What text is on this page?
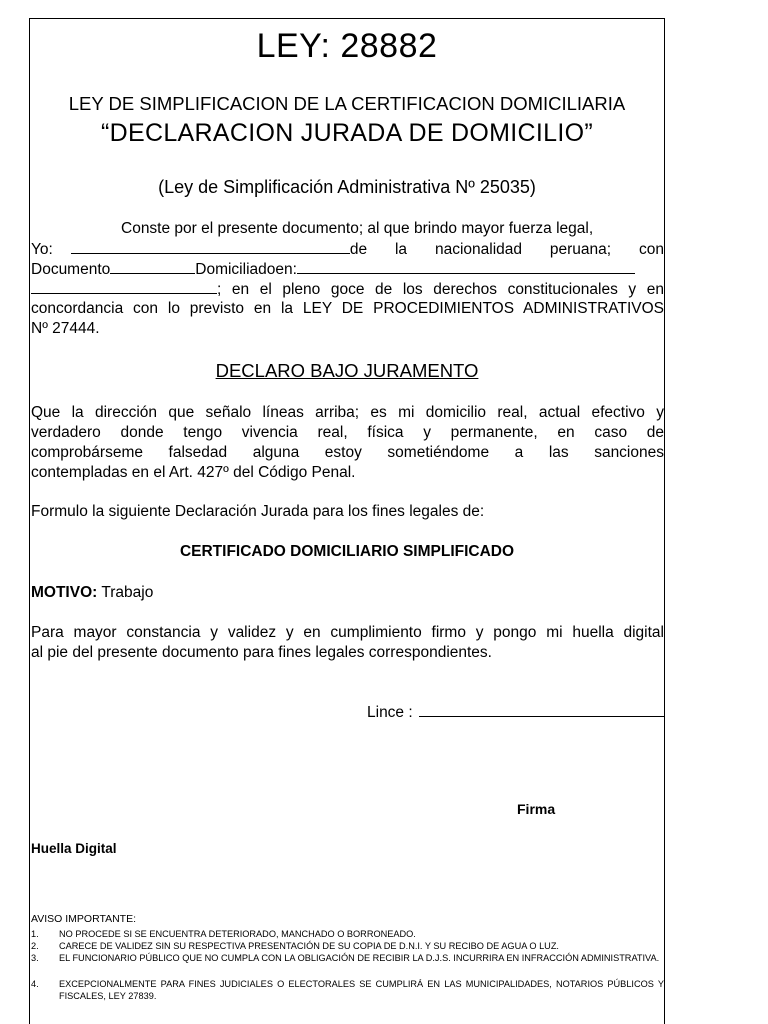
LEY: 28882
LEY DE SIMPLIFICACION DE LA CERTIFICACION DOMICILIARIA
“DECLARACION JURADA DE DOMICILIO”
(Ley de Simplificación Administrativa Nº 25035)
Conste por el presente documento; al que brindo mayor fuerza legal,
Yo:	de la nacionalidad peruana; con
Documento	Domiciliadoen:
; en el pleno goce de los derechos constitucionales y en
concordancia con lo previsto en la LEY DE PROCEDIMIENTOS ADMINISTRATIVOS
Nº 27444.
DECLARO BAJO JURAMENTO
Que la dirección que señalo líneas arriba; es mi domicilio real, actual efectivo y
verdadero donde tengo vivencia real, física y permanente, en caso de
comprobárseme falsedad alguna estoy sometiéndome a las sanciones
contempladas en el Art. 427º del Código Penal.
Formulo la siguiente Declaración Jurada para los fines legales de:
CERTIFICADO DOMICILIARIO SIMPLIFICADO
MOTIVO: Trabajo
Para mayor constancia y validez y en cumplimiento firmo y pongo mi huella digital
al pie del presente documento para fines legales correspondientes.
Lince :
Firma
Huella Digital
AVISO IMPORTANTE:
1.	NO PROCEDE SI SE ENCUENTRA DETERIORADO, MANCHADO O BORRONEADO.
2.	CARECE DE VALIDEZ SIN SU RESPECTIVA PRESENTACIÓN DE SU COPIA DE D.N.I. Y SU RECIBO DE AGUA O LUZ.
3.	EL FUNCIONARIO PÚBLICO QUE NO CUMPLA CON LA OBLIGACIÓN DE RECIBIR LA D.J.S. INCURRIRA EN INFRACCIÓN ADMINISTRATIVA.
4.	EXCEPCIONALMENTE PARA FINES JUDICIALES O ELECTORALES SE CUMPLIRÁ EN LAS MUNICIPALIDADES, NOTARIOS PÚBLICOS Y FISCALES, LEY 27839.
